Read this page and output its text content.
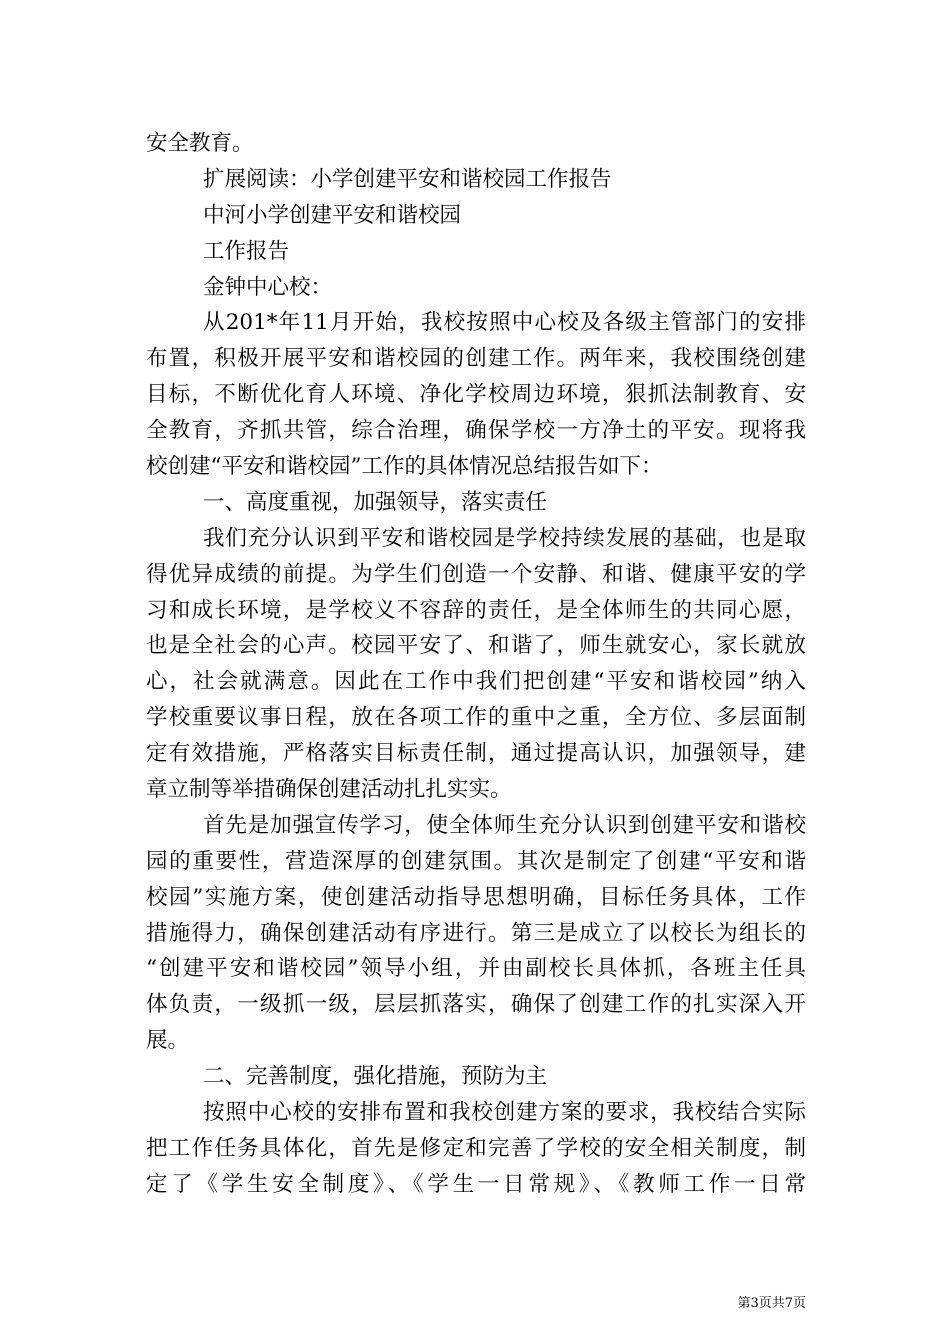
安全教育。
扩展阅读：小学创建平安和谐校园工作报告
中河小学创建平安和谐校园
工作报告
金钟中心校：
从201*年11月开始，我校按照中心校及各级主管部门的安排
布置，积极开展平安和谐校园的创建工作。两年来，我校围绕创建
目标，不断优化育人环境、净化学校周边环境，狠抓法制教育、安
全教育，齐抓共管，综合治理，确保学校一方净土的平安。现将我
校创建“平安和谐校园”工作的具体情况总结报告如下：
一、高度重视，加强领导，落实责任
我们充分认识到平安和谐校园是学校持续发展的基础，也是取
得优异成绩的前提。为学生们创造一个安静、和谐、健康平安的学
习和成长环境，是学校义不容辞的责任，是全体师生的共同心愿，
也是全社会的心声。校园平安了、和谐了，师生就安心，家长就放
心，社会就满意。因此在工作中我们把创建“平安和谐校园”纳入
学校重要议事日程，放在各项工作的重中之重，全方位、多层面制
定有效措施，严格落实目标责任制，通过提高认识，加强领导，建
章立制等举措确保创建活动扎扎实实。
首先是加强宣传学习，使全体师生充分认识到创建平安和谐校
园的重要性，营造深厚的创建氛围。其次是制定了创建“平安和谐
校园”实施方案，使创建活动指导思想明确，目标任务具体，工作
措施得力，确保创建活动有序进行。第三是成立了以校长为组长的
“创建平安和谐校园”领导小组，并由副校长具体抓，各班主任具
体负责，一级抓一级，层层抓落实，确保了创建工作的扎实深入开
展。
二、完善制度，强化措施，预防为主
按照中心校的安排布置和我校创建方案的要求，我校结合实际
把工作任务具体化，首先是修定和完善了学校的安全相关制度，制
定了《学生安全制度》、《学生一日常规》、《教师工作一日常
第3页共7页
